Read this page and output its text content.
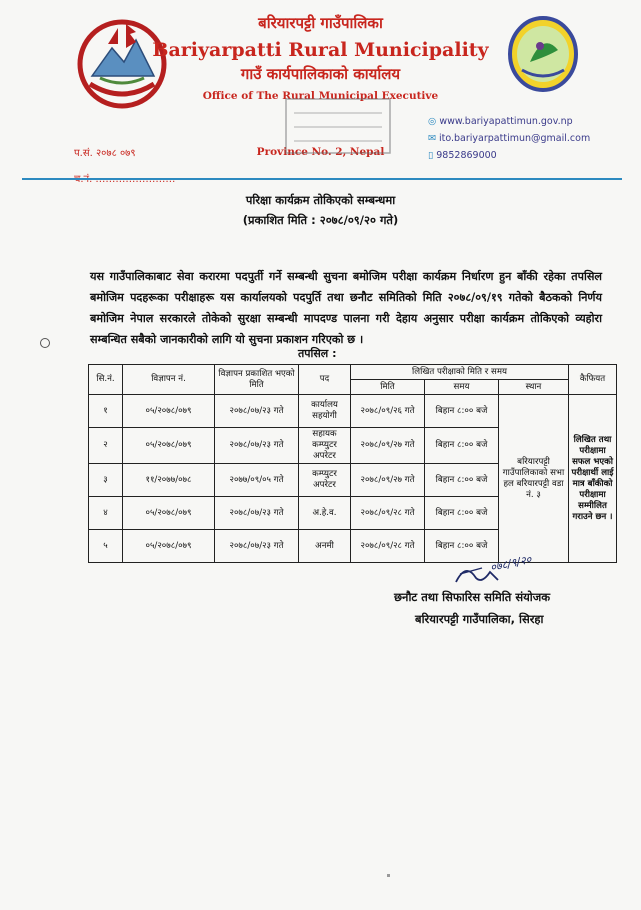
बरियारपट्टी गाउँपालिका
Bariyarpatti Rural Municipality
गाउँ कार्यपालिकाको कार्यालय
Office of The Rural Municipal Executive
Province No. 2, Nepal
◎ www.bariyapattimun.gov.np
✉ ito.bariyarpattimun@gmail.com
▯ 9852869000
प.सं. २०७८ ०७९
परिक्षा कार्यक्रम तोकिएको सम्बन्धमा
(प्रकाशित मिति : २०७८/०९/२० गते)
यस गाउँपालिकाबाट सेवा करारमा पदपुर्ती गर्ने सम्बन्धी सुचना बमोजिम परीक्षा कार्यक्रम निर्धारण हुन बाँकी रहेका तपसिल बमोजिम पदहरूका परीक्षाहरू यस कार्यालयको पदपुर्ति तथा छनौट समितिको मिति २०७८/०९/१९ गतेको बैठकको निर्णय बमोजिम नेपाल सरकारले तोकेको सुरक्षा सम्बन्धी मापदण्ड पालना गरी देहाय अनुसार परीक्षा कार्यक्रम तोकिएको व्यहोरा सम्बन्धित सबैको जानकारीको लागि यो सुचना प्रकाशन गरिएको छ ।
तपसिल :
सि.नं.	विज्ञापन नं.	विज्ञापन प्रकाशित भएको मिति	पद	लिखित परीक्षाको मिति र समय			कैफियत
				मिति	समय	स्थान	
१	०५/२०७८/०७९	२०७८/०७/२३ गते	कार्यालय सहयोगी	२०७८/०९/२६ गते	बिहान ८:०० बजे	बरियारपट्टी गाउँपालिकाको सभा हल बरियारपट्टी वडा नं. ३	लिखित तथा परीक्षामा सफल भएको परीक्षार्थी लाई मात्र बाँकीको परीक्षामा सम्मीलित गराउने छन ।
२	०५/२०७८/०७९	२०७८/०७/२३ गते	सहायक कम्प्युटर अपरेटर	२०७८/०९/२७ गते	बिहान ८:०० बजे		
३	११/२०७७/०७८	२०७७/०९/०५ गते	कम्प्युटर अपरेटर	२०७८/०९/२७ गते	बिहान ८:०० बजे		
४	०५/२०७८/०७९	२०७८/०७/२३ गते	अ.हे.व.	२०७८/०९/२८ गते	बिहान ८:०० बजे		
५	०५/२०७८/०७९	२०७८/०७/२३ गते	अनमी	२०७८/०९/२८ गते	बिहान ८:०० बजे		
०७८/९/२०
छनौट तथा सिफारिस समिति संयोजक
बरियारपट्टी गाउँपालिका, सिरहा
